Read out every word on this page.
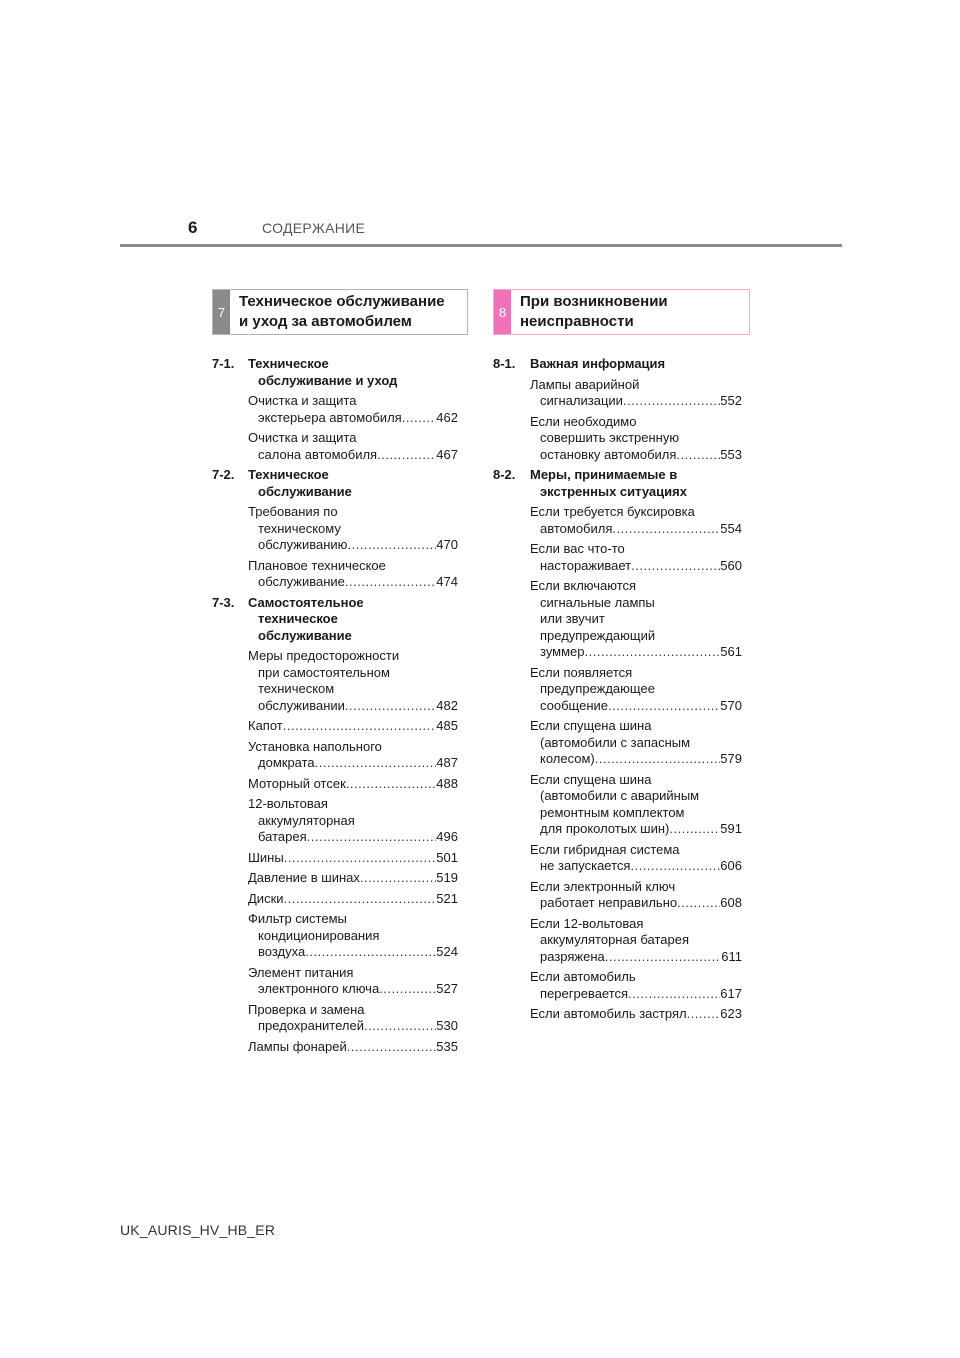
6	СОДЕРЖАНИЕ
7
Техническое обслуживание
и уход за автомобилем
8
При возникновении
неисправности
7-1. Техническое
обслуживание и уход
Очистка и защита
экстерьера автомобиля .....	462
Очистка и защита
салона автомобиля .....	467
7-2. Техническое
обслуживание
Требования по
техническому
обслуживанию .....	470
Плановое техническое
обслуживание .....	474
7-3. Самостоятельное
техническое
обслуживание
Меры предосторожности
при самостоятельном
техническом
обслуживании .....	482
Капот .....	485
Установка напольного
домкрата .....	487
Моторный отсек .....	488
12-вольтовая
аккумуляторная
батарея .....	496
Шины .....	501
Давление в шинах .....	519
Диски .....	521
Фильтр системы
кондиционирования
воздуха .....	524
Элемент питания
электронного ключа .....	527
Проверка и замена
предохранителей .....	530
Лампы фонарей .....	535
8-1. Важная информация
Лампы аварийной
сигнализации .....	552
Если необходимо
совершить экстренную
остановку автомобиля .....	553
8-2. Меры, принимаемые в
экстренных ситуациях
Если требуется буксировка
автомобиля .....	554
Если вас что-то
настораживает .....	560
Если включаются
сигнальные лампы
или звучит
предупреждающий
зуммер .....	561
Если появляется
предупреждающее
сообщение .....	570
Если спущена шина
(автомобили с запасным
колесом) .....	579
Если спущена шина
(автомобили с аварийным
ремонтным комплектом
для проколотых шин) .....	591
Если гибридная система
не запускается .....	606
Если электронный ключ
работает неправильно .....	608
Если 12-вольтовая
аккумуляторная батарея
разряжена .....	611
Если автомобиль
перегревается .....	617
Если автомобиль застрял .....	623
UK_AURIS_HV_HB_ER
